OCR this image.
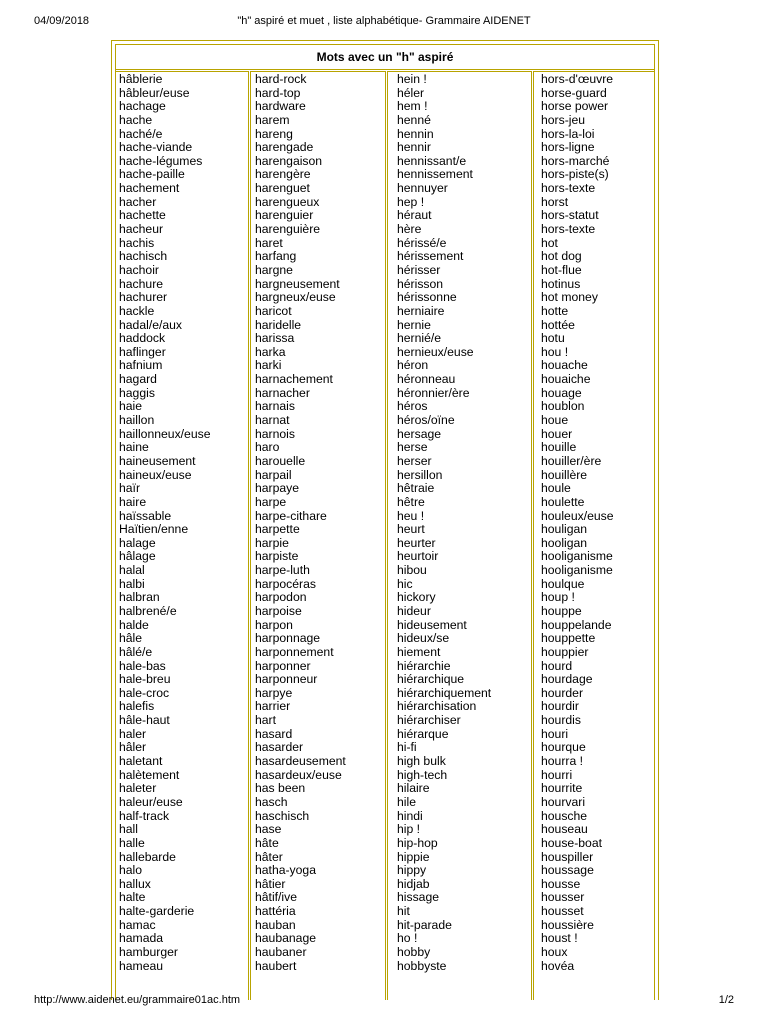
04/09/2018	"h" aspiré et muet , liste alphabétique- Grammaire AIDENET
Mots avec un "h" aspiré
hâblerie
hâbleur/euse
hachage
hache
haché/e
hache-viande
hache-légumes
hache-paille
hachement
hacher
hachette
hacheur
hachis
hachisch
hachoir
hachure
hachurer
hackle
hadal/e/aux
haddock
haflinger
hafnium
hagard
haggis
haie
haillon
haillonneux/euse
haine
haineusement
haineux/euse
haïr
haire
haïssable
Haïtien/enne
halage
hâlage
halal
halbi
halbran
halbrené/e
halde
hâle
hâlé/e
hale-bas
hale-breu
hale-croc
halefis
hâle-haut
haler
hâler
haletant
halètement
haleter
haleur/euse
half-track
hall
halle
hallebarde
halo
hallux
halte
halte-garderie
hamac
hamada
hamburger
hameau
hard-rock
hard-top
hardware
harem
hareng
harengade
harengaison
harengère
harenguet
harengueux
harenguier
harenguière
haret
harfang
hargne
hargneusement
hargneux/euse
haricot
haridelle
harissa
harka
harki
harnachement
harnacher
harnais
harnat
harnois
haro
harouelle
harpail
harpaye
harpe
harpe-cithare
harpette
harpie
harpiste
harpe-luth
harpocéras
harpodon
harpoise
harpon
harponnage
harponnement
harponner
harponneur
harpye
harrier
hart
hasard
hasarder
hasardeusement
hasardeux/euse
has been
hasch
haschisch
hase
hâte
hâter
hatha-yoga
hâtier
hâtif/ive
hattéria
hauban
haubanage
haubaner
haubert
hein !
héler
hem !
henné
hennin
hennir
hennissant/e
hennissement
hennuyer
hep !
héraut
hère
hérissé/e
hérissement
hérisser
hérisson
hérissonne
herniaire
hernie
hernié/e
hernieux/euse
héron
héronneau
héronnier/ère
héros
héros/oïne
hersage
herse
herser
hersillon
hêtraie
hêtre
heu !
heurt
heurter
heurtoir
hibou
hic
hickory
hideur
hideusement
hideux/se
hiement
hiérarchie
hiérarchique
hiérarchiquement
hiérarchisation
hiérarchiser
hiérarque
hi-fi
high bulk
high-tech
hilaire
hile
hindi
hip !
hip-hop
hippie
hippy
hidjab
hissage
hit
hit-parade
ho !
hobby
hobbyste
hors-d'œuvre
horse-guard
horse power
hors-jeu
hors-la-loi
hors-ligne
hors-marché
hors-piste(s)
hors-texte
horst
hors-statut
hors-texte
hot
hot dog
hot-flue
hotinus
hot money
hotte
hottée
hotu
hou !
houache
houaiche
houage
houblon
houe
houer
houille
houiller/ère
houillère
houle
houlette
houleux/euse
houligan
hooligan
hooliganisme
hooliganisme
houlque
houp !
houppe
houppelande
houppette
houppier
hourd
hourdage
hourder
hourdir
hourdis
houri
hourque
hourra !
hourri
hourrite
hourvari
housche
houseau
house-boat
houspiller
houssage
housse
housser
housset
houssière
houst !
houx
hovéa
http://www.aidenet.eu/grammaire01ac.htm	1/2
